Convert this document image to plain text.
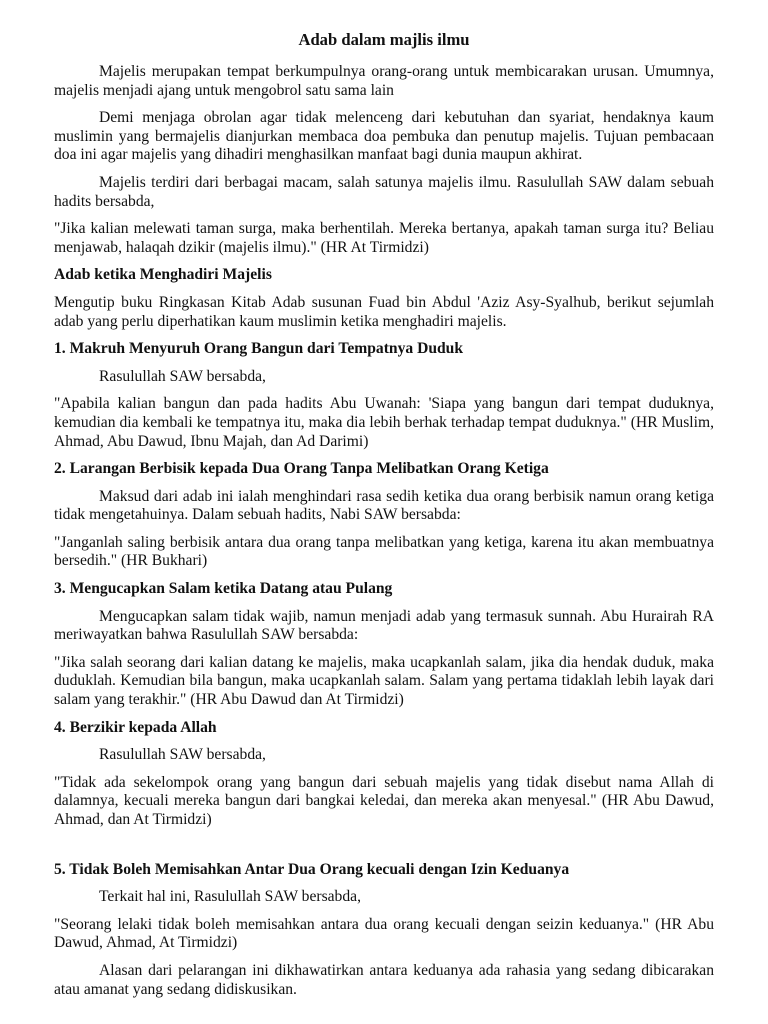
Adab dalam majlis ilmu

Majelis merupakan tempat berkumpulnya orang-orang untuk membicarakan urusan. Umumnya, majelis menjadi ajang untuk mengobrol satu sama lain

Demi menjaga obrolan agar tidak melenceng dari kebutuhan dan syariat, hendaknya kaum muslimin yang bermajelis dianjurkan membaca doa pembuka dan penutup majelis. Tujuan pembacaan doa ini agar majelis yang dihadiri menghasilkan manfaat bagi dunia maupun akhirat.

Majelis terdiri dari berbagai macam, salah satunya majelis ilmu. Rasulullah SAW dalam sebuah hadits bersabda,

"Jika kalian melewati taman surga, maka berhentilah. Mereka bertanya, apakah taman surga itu? Beliau menjawab, halaqah dzikir (majelis ilmu)." (HR At Tirmidzi)

Adab ketika Menghadiri Majelis

Mengutip buku Ringkasan Kitab Adab susunan Fuad bin Abdul 'Aziz Asy-Syalhub, berikut sejumlah adab yang perlu diperhatikan kaum muslimin ketika menghadiri majelis.

1. Makruh Menyuruh Orang Bangun dari Tempatnya Duduk

Rasulullah SAW bersabda,

"Apabila kalian bangun dan pada hadits Abu Uwanah: 'Siapa yang bangun dari tempat duduknya, kemudian dia kembali ke tempatnya itu, maka dia lebih berhak terhadap tempat duduknya." (HR Muslim, Ahmad, Abu Dawud, Ibnu Majah, dan Ad Darimi)

2. Larangan Berbisik kepada Dua Orang Tanpa Melibatkan Orang Ketiga

Maksud dari adab ini ialah menghindari rasa sedih ketika dua orang berbisik namun orang ketiga tidak mengetahuinya. Dalam sebuah hadits, Nabi SAW bersabda:

"Janganlah saling berbisik antara dua orang tanpa melibatkan yang ketiga, karena itu akan membuatnya bersedih." (HR Bukhari)

3. Mengucapkan Salam ketika Datang atau Pulang

Mengucapkan salam tidak wajib, namun menjadi adab yang termasuk sunnah. Abu Hurairah RA meriwayatkan bahwa Rasulullah SAW bersabda:

"Jika salah seorang dari kalian datang ke majelis, maka ucapkanlah salam, jika dia hendak duduk, maka duduklah. Kemudian bila bangun, maka ucapkanlah salam. Salam yang pertama tidaklah lebih layak dari salam yang terakhir." (HR Abu Dawud dan At Tirmidzi)

4. Berzikir kepada Allah

Rasulullah SAW bersabda,

"Tidak ada sekelompok orang yang bangun dari sebuah majelis yang tidak disebut nama Allah di dalamnya, kecuali mereka bangun dari bangkai keledai, dan mereka akan menyesal." (HR Abu Dawud, Ahmad, dan At Tirmidzi)

5. Tidak Boleh Memisahkan Antar Dua Orang kecuali dengan Izin Keduanya

Terkait hal ini, Rasulullah SAW bersabda,

"Seorang lelaki tidak boleh memisahkan antara dua orang kecuali dengan seizin keduanya." (HR Abu Dawud, Ahmad, At Tirmidzi)

Alasan dari pelarangan ini dikhawatirkan antara keduanya ada rahasia yang sedang dibicarakan atau amanat yang sedang didiskusikan.
